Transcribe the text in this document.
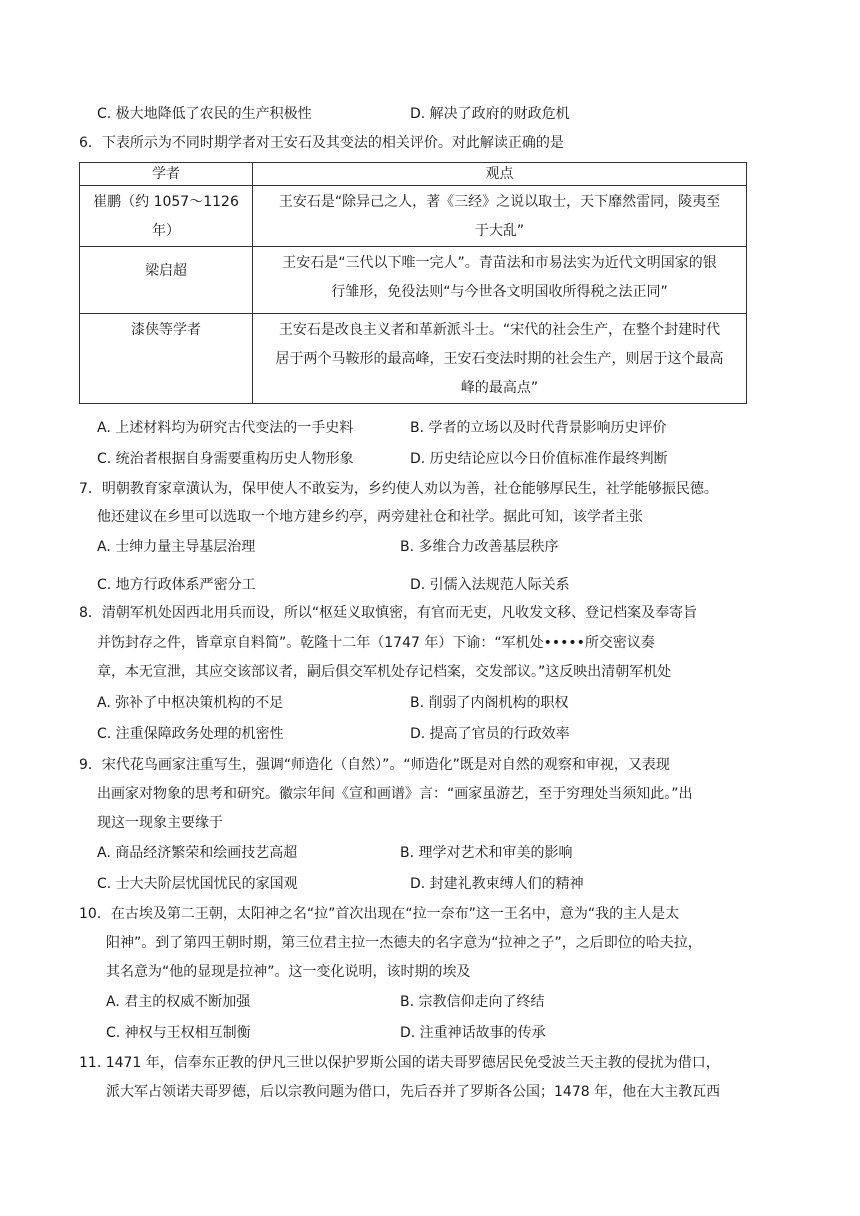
C. 极大地降低了农民的生产积极性	D. 解决了政府的财政危机
6．下表所示为不同时期学者对王安石及其变法的相关评价。对此解读正确的是
学者	观点

崔鹏（约 1057～1126
年）	王安石是“除异己之人，著《三经》之说以取士，天下靡然雷同，陵夷至
于大乱”

梁启超	王安石是“三代以下唯一完人”。青苗法和市易法实为近代文明国家的银
行雏形，免役法则“与今世各文明国收所得税之法正同”

漆侠等学者	王安石是改良主义者和革新派斗士。“宋代的社会生产，在整个封建时代
居于两个马鞍形的最高峰，王安石变法时期的社会生产，则居于这个最高
峰的最高点”
A. 上述材料均为研究古代变法的一手史料	B. 学者的立场以及时代背景影响历史评价
C. 统治者根据自身需要重构历史人物形象	D. 历史结论应以今日价值标准作最终判断
7．明朝教育家章潢认为，保甲使人不敢妄为，乡约使人劝以为善，社仓能够厚民生，社学能够振民德。
他还建议在乡里可以选取一个地方建乡约亭，两旁建社仓和社学。据此可知，该学者主张
A. 士绅力量主导基层治理	B. 多维合力改善基层秩序
C. 地方行政体系严密分工	D. 引儒入法规范人际关系
8．清朝军机处因西北用兵而设，所以“枢廷义取慎密，有官而无吏，凡收发文移、登记档案及奉寄旨
并饬封存之件，皆章京自料简”。乾隆十二年（1747 年）下谕：“军机处•••••所交密议奏
章，本无宣泄，其应交该部议者，嗣后俱交军机处存记档案，交发部议。”这反映出清朝军机处
A. 弥补了中枢决策机构的不足	B. 削弱了内阁机构的职权
C. 注重保障政务处理的机密性	D. 提高了官员的行政效率
9．宋代花鸟画家注重写生，强调“师造化（自然）”。“师造化”既是对自然的观察和审视，又表现
出画家对物象的思考和研究。徽宗年间《宣和画谱》言：“画家虽游艺，至于穷理处当须知此。”出
现这一现象主要缘于
A. 商品经济繁荣和绘画技艺高超	B. 理学对艺术和审美的影响
C. 士大夫阶层忧国忧民的家国观	D. 封建礼教束缚人们的精神
10．在古埃及第二王朝，太阳神之名“拉”首次出现在“拉一奈布”这一王名中，意为“我的主人是太
阳神”。到了第四王朝时期，第三位君主拉一杰德夫的名字意为“拉神之子”，之后即位的哈夫拉，
其名意为“他的显现是拉神”。这一变化说明，该时期的埃及
A. 君主的权威不断加强	B. 宗教信仰走向了终结
C. 神权与王权相互制衡	D. 注重神话故事的传承
11. 1471 年，信奉东正教的伊凡三世以保护罗斯公国的诺夫哥罗德居民免受波兰天主教的侵扰为借口，
派大军占领诺夫哥罗德，后以宗教问题为借口，先后吞并了罗斯各公国；1478 年，他在大主教瓦西
